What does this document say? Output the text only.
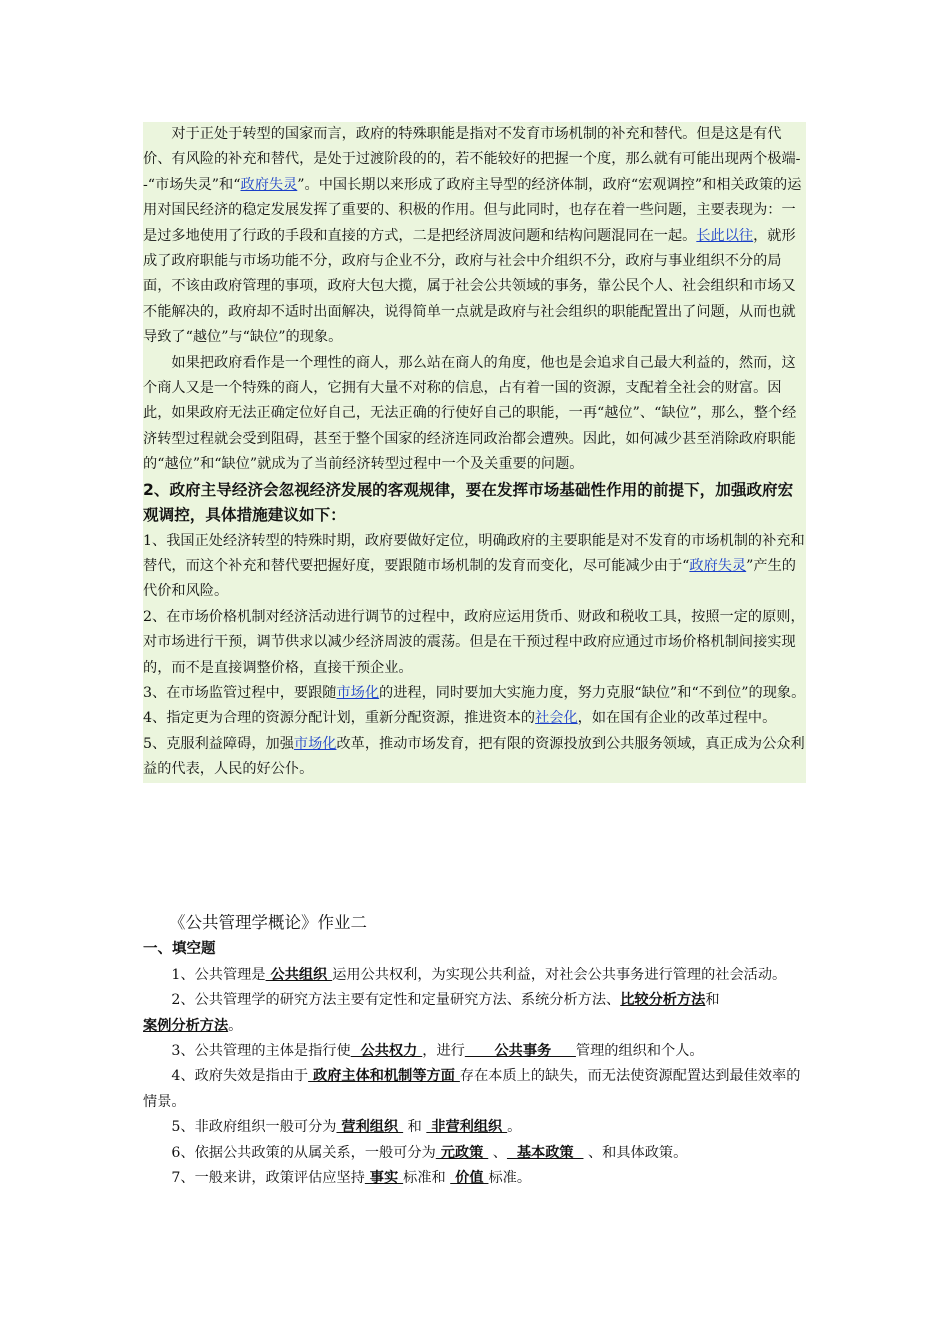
对于正处于转型的国家而言，政府的特殊职能是指对不发育市场机制的补充和替代。但是这是有代价、有风险的补充和替代，是处于过渡阶段的的，若不能较好的把握一个度，那么就有可能出现两个极端--“市场失灵”和“政府失灵”。中国长期以来形成了政府主导型的经济体制，政府“宏观调控”和相关政策的运用对国民经济的稳定发展发挥了重要的、积极的作用。但与此同时，也存在着一些问题，主要表现为：一是过多地使用了行政的手段和直接的方式，二是把经济周波问题和结构问题混同在一起。长此以往，就形成了政府职能与市场功能不分，政府与企业不分，政府与社会中介组织不分，政府与事业组织不分的局面，不该由政府管理的事项，政府大包大揽，属于社会公共领域的事务，靠公民个人、社会组织和市场又不能解决的，政府却不适时出面解决，说得简单一点就是政府与社会组织的职能配置出了问题，从而也就导致了“越位”与“缺位”的现象。

如果把政府看作是一个理性的商人，那么站在商人的角度，他也是会追求自己最大利益的，然而，这个商人又是一个特殊的商人，它拥有大量不对称的信息，占有着一国的资源，支配着全社会的财富。因此，如果政府无法正确定位好自己，无法正确的行使好自己的职能，一再“越位”、“缺位”，那么，整个经济转型过程就会受到阻碍，甚至于整个国家的经济连同政治都会遭殃。因此，如何减少甚至消除政府职能的“越位”和“缺位”就成为了当前经济转型过程中一个及关重要的问题。

2、政府主导经济会忽视经济发展的客观规律，要在发挥市场基础性作用的前提下，加强政府宏观调控，具体措施建议如下：

1、我国正处经济转型的特殊时期，政府要做好定位，明确政府的主要职能是对不发育的市场机制的补充和替代，而这个补充和替代要把握好度，要跟随市场机制的发育而变化，尽可能减少由于“政府失灵”产生的代价和风险。

2、在市场价格机制对经济活动进行调节的过程中，政府应运用货币、财政和税收工具，按照一定的原则，对市场进行干预，调节供求以减少经济周波的震荡。但是在干预过程中政府应通过市场价格机制间接实现的，而不是直接调整价格，直接干预企业。

3、在市场监管过程中，要跟随市场化的进程，同时要加大实施力度，努力克服“缺位”和“不到位”的现象。

4、指定更为合理的资源分配计划，重新分配资源，推进资本的社会化，如在国有企业的改革过程中。

5、克服利益障碍，加强市场化改革，推动市场发育，把有限的资源投放到公共服务领域，真正成为公众利益的代表，人民的好公仆。

《公共管理学概论》作业二

一、填空题

1、公共管理是 公共组织 运用公共权利，为实现公共利益，对社会公共事务进行管理的社会活动。

2、公共管理学的研究方法主要有定性和定量研究方法、系统分析方法、比较分析方法和案例分析方法。

3、公共管理的主体是指行使  公共权力 ，进行      公共事务     管理的组织和个人。

4、政府失效是指由于 政府主体和机制等方面 存在本质上的缺失，而无法使资源配置达到最佳效率的情景。

5、非政府组织一般可分为 营利组织  和  非营利组织 。

6、依据公共政策的从属关系，一般可分为 元政策  、  基本政策   、和具体政策。

7、一般来讲，政策评估应坚持 事实 标准和  价值 标准。
